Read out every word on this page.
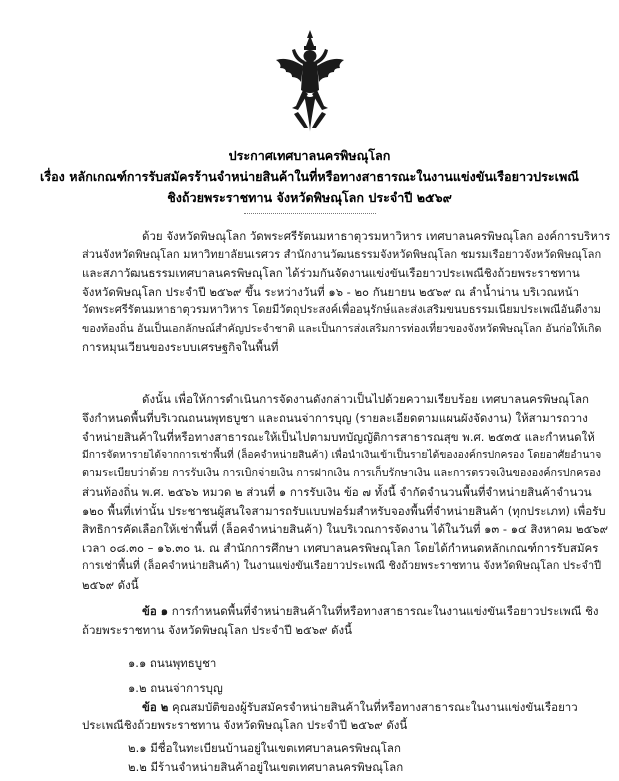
ประกาศเทศบาลนครพิษณุโลก
เรื่อง หลักเกณฑ์การรับสมัครร้านจำหน่ายสินค้าในที่หรือทางสาธารณะในงานแข่งขันเรือยาวประเพณี
ชิงถ้วยพระราชทาน จังหวัดพิษณุโลก ประจำปี ๒๕๖๙
ด้วย จังหวัดพิษณุโลก วัดพระศรีรัตนมหาธาตุวรมหาวิหาร เทศบาลนครพิษณุโลก องค์การบริหาร
ส่วนจังหวัดพิษณุโลก มหาวิทยาลัยนเรศวร สำนักงานวัฒนธรรมจังหวัดพิษณุโลก ชมรมเรือยาวจังหวัดพิษณุโลก
และสภาวัฒนธรรมเทศบาลนครพิษณุโลก ได้ร่วมกันจัดงานแข่งขันเรือยาวประเพณีชิงถ้วยพระราชทาน
จังหวัดพิษณุโลก ประจำปี ๒๕๖๙ ขึ้น ระหว่างวันที่ ๑๖ - ๒๐ กันยายน ๒๕๖๙ ณ ลำน้ำน่าน บริเวณหน้า
วัดพระศรีรัตนมหาธาตุวรมหาวิหาร โดยมีวัตถุประสงค์เพื่ออนุรักษ์และส่งเสริมขนบธรรมเนียมประเพณีอันดีงาม
ของท้องถิ่น อันเป็นเอกลักษณ์สำคัญประจำชาติ และเป็นการส่งเสริมการท่องเที่ยวของจังหวัดพิษณุโลก อันก่อให้เกิด
การหมุนเวียนของระบบเศรษฐกิจในพื้นที่
ดังนั้น เพื่อให้การดำเนินการจัดงานดังกล่าวเป็นไปด้วยความเรียบร้อย เทศบาลนครพิษณุโลก
จึงกำหนดพื้นที่บริเวณถนนพุทธบูชา และถนนจ่าการบุญ (รายละเอียดตามแผนผังจัดงาน) ให้สามารถวาง
จำหน่ายสินค้าในที่หรือทางสาธารณะให้เป็นไปตามบทบัญญัติการสาธารณสุข พ.ศ. ๒๕๓๕ และกำหนดให้
มีการจัดหารายได้จากการเช่าพื้นที่ (ล็อคจำหน่ายสินค้า) เพื่อนำเงินเข้าเป็นรายได้ขององค์กรปกครอง โดยอาศัยอำนาจ
ตามระเบียบว่าด้วย การรับเงิน การเบิกจ่ายเงิน การฝากเงิน การเก็บรักษาเงิน และการตรวจเงินขององค์กรปกครอง
ส่วนท้องถิ่น พ.ศ. ๒๕๖๖ หมวด ๒ ส่วนที่ ๑ การรับเงิน ข้อ ๗ ทั้งนี้ จำกัดจำนวนพื้นที่จำหน่ายสินค้าจำนวน
๑๒๐ พื้นที่เท่านั้น ประชาชนผู้สนใจสามารถรับแบบฟอร์มสำหรับจองพื้นที่จำหน่ายสินค้า (ทุกประเภท) เพื่อรับ
สิทธิการคัดเลือกให้เช่าพื้นที่ (ล็อคจำหน่ายสินค้า) ในบริเวณการจัดงาน ได้ในวันที่ ๑๓ - ๑๔ สิงหาคม ๒๕๖๙
เวลา ๐๘.๓๐ – ๑๖.๓๐ น. ณ สำนักการศึกษา เทศบาลนครพิษณุโลก โดยได้กำหนดหลักเกณฑ์การรับสมัคร
การเช่าพื้นที่ (ล็อคจำหน่ายสินค้า) ในงานแข่งขันเรือยาวประเพณี ชิงถ้วยพระราชทาน จังหวัดพิษณุโลก ประจำปี
๒๕๖๙ ดังนี้
ข้อ ๑ การกำหนดพื้นที่จำหน่ายสินค้าในที่หรือทางสาธารณะในงานแข่งขันเรือยาวประเพณี ชิง
ถ้วยพระราชทาน จังหวัดพิษณุโลก ประจำปี ๒๕๖๙ ดังนี้
๑.๑ ถนนพุทธบูชา
๑.๒ ถนนจ่าการบุญ
ข้อ ๒ คุณสมบัติของผู้รับสมัครจำหน่ายสินค้าในที่หรือทางสาธารณะในงานแข่งขันเรือยาว
ประเพณีชิงถ้วยพระราชทาน จังหวัดพิษณุโลก ประจำปี ๒๕๖๙ ดังนี้
๒.๑ มีชื่อในทะเบียนบ้านอยู่ในเขตเทศบาลนครพิษณุโลก
๒.๒ มีร้านจำหน่ายสินค้าอยู่ในเขตเทศบาลนครพิษณุโลก
